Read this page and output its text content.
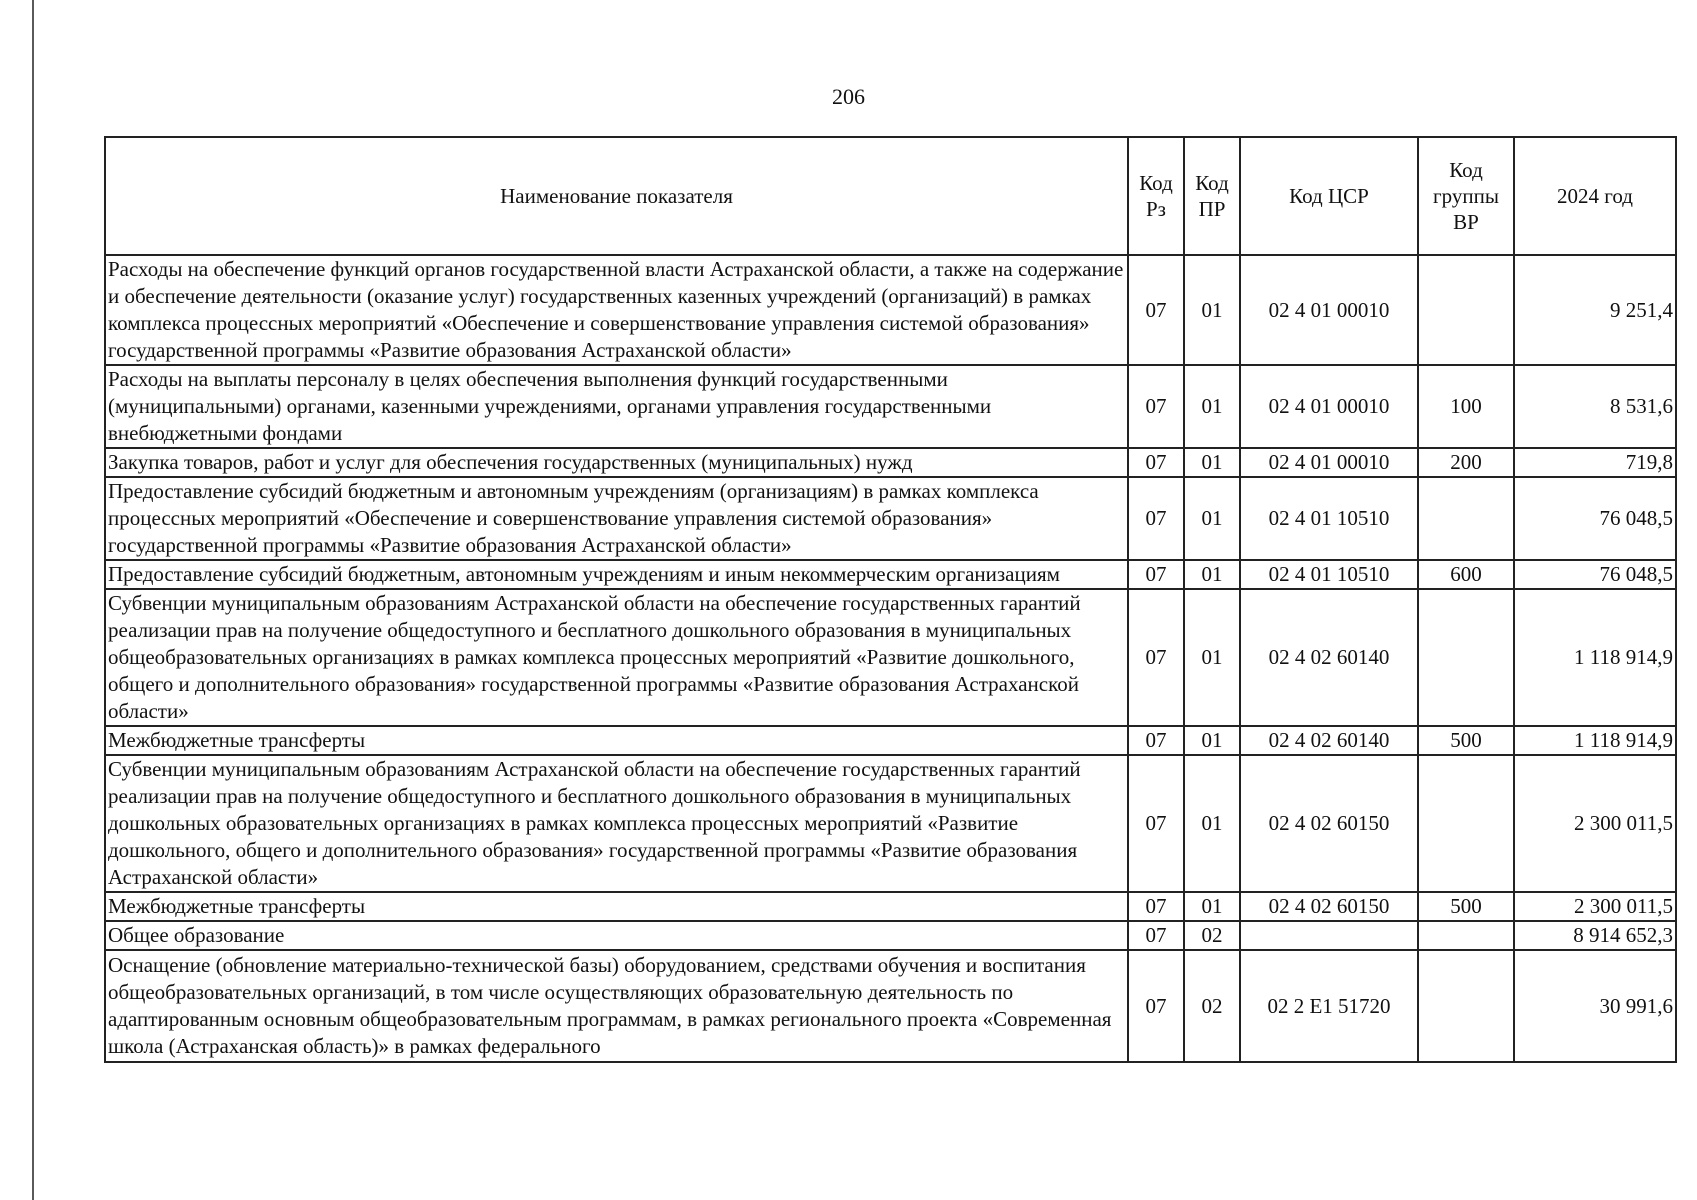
206
Наименование показателя	Код Рз	Код ПР	Код ЦСР	Код группы ВР	2024 год
Расходы на обеспечение функций органов государственной власти Астраханской области, а также на содержание и обеспечение деятельности (оказание услуг) государственных казенных учреждений (организаций) в рамках комплекса процессных мероприятий «Обеспечение и совершенствование управления системой образования» государственной программы «Развитие образования Астраханской области»	07	01	02 4 01 00010		9 251,4
Расходы на выплаты персоналу в целях обеспечения выполнения функций государственными (муниципальными) органами, казенными учреждениями, органами управления государственными внебюджетными фондами	07	01	02 4 01 00010	100	8 531,6
Закупка товаров, работ и услуг для обеспечения государственных (муниципальных) нужд	07	01	02 4 01 00010	200	719,8
Предоставление субсидий бюджетным и автономным учреждениям (организациям) в рамках комплекса процессных мероприятий «Обеспечение и совершенствование управления системой образования» государственной программы «Развитие образования Астраханской области»	07	01	02 4 01 10510		76 048,5
Предоставление субсидий бюджетным, автономным учреждениям и иным некоммерческим организациям	07	01	02 4 01 10510	600	76 048,5
Субвенции муниципальным образованиям Астраханской области на обеспечение государственных гарантий реализации прав на получение общедоступного и бесплатного дошкольного образования в муниципальных общеобразовательных организациях в рамках комплекса процессных мероприятий «Развитие дошкольного, общего и дополнительного образования» государственной программы «Развитие образования Астраханской области»	07	01	02 4 02 60140		1 118 914,9
Межбюджетные трансферты	07	01	02 4 02 60140	500	1 118 914,9
Субвенции муниципальным образованиям Астраханской области на обеспечение государственных гарантий реализации прав на получение общедоступного и бесплатного дошкольного образования в муниципальных дошкольных образовательных организациях в рамках комплекса процессных мероприятий «Развитие дошкольного, общего и дополнительного образования» государственной программы «Развитие образования Астраханской области»	07	01	02 4 02 60150		2 300 011,5
Межбюджетные трансферты	07	01	02 4 02 60150	500	2 300 011,5
Общее образование	07	02			8 914 652,3

Оснащение (обновление материально-технической базы) оборудованием, средствами обучения и воспитания общеобразовательных организаций, в том числе осуществляющих образовательную деятельность по адаптированным основным общеобразовательным программам, в рамках регионального проекта «Современная школа (Астраханская область)» в рамках федерального	07	02	02 2 Е1 51720		30 991,6
